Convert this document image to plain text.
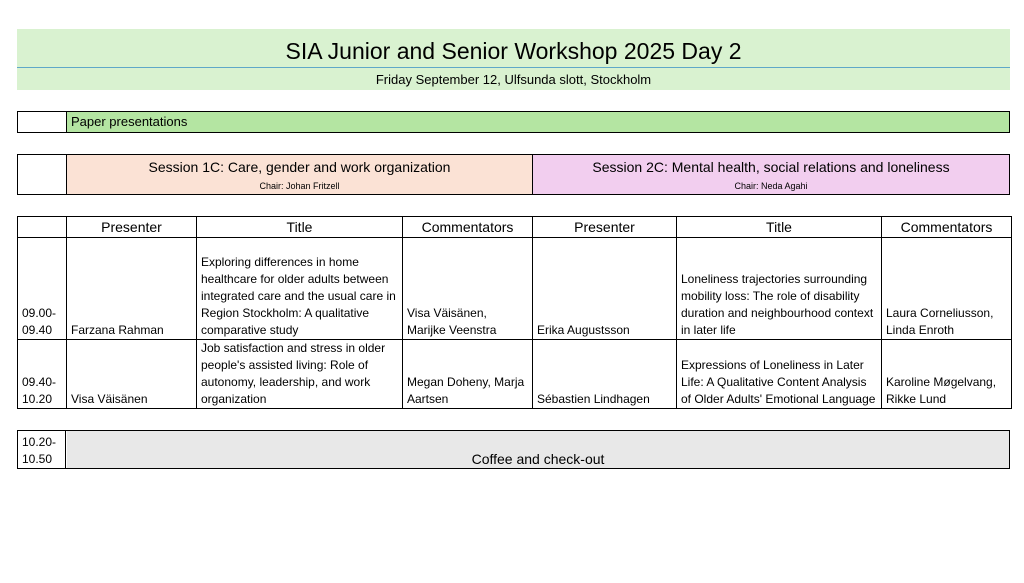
SIA Junior and Senior Workshop 2025 Day 2
Friday September 12, Ulfsunda slott, Stockholm
Paper presentations
Session 1C: Care, gender and work organization
Chair: Johan Fritzell
Session 2C: Mental health, social relations and loneliness
Chair: Neda Agahi
	Presenter	Title	Commentators	Presenter	Title	Commentators
09.00-09.40	Farzana Rahman	Exploring differences in home healthcare for older adults between integrated care and the usual care in Region Stockholm: A qualitative comparative study	Visa Väisänen, Marijke Veenstra	Erika Augustsson	Loneliness trajectories surrounding mobility loss: The role of disability duration and neighbourhood context in later life	Laura Corneliusson, Linda Enroth
09.40-10.20	Visa Väisänen	Job satisfaction and stress in older people's assisted living: Role of autonomy, leadership, and work organization	Megan Doheny, Marja Aartsen	Sébastien Lindhagen	Expressions of Loneliness in Later Life: A Qualitative Content Analysis of Older Adults' Emotional Language	Karoline Møgelvang, Rikke Lund
10.20-10.50	Coffee and check-out
